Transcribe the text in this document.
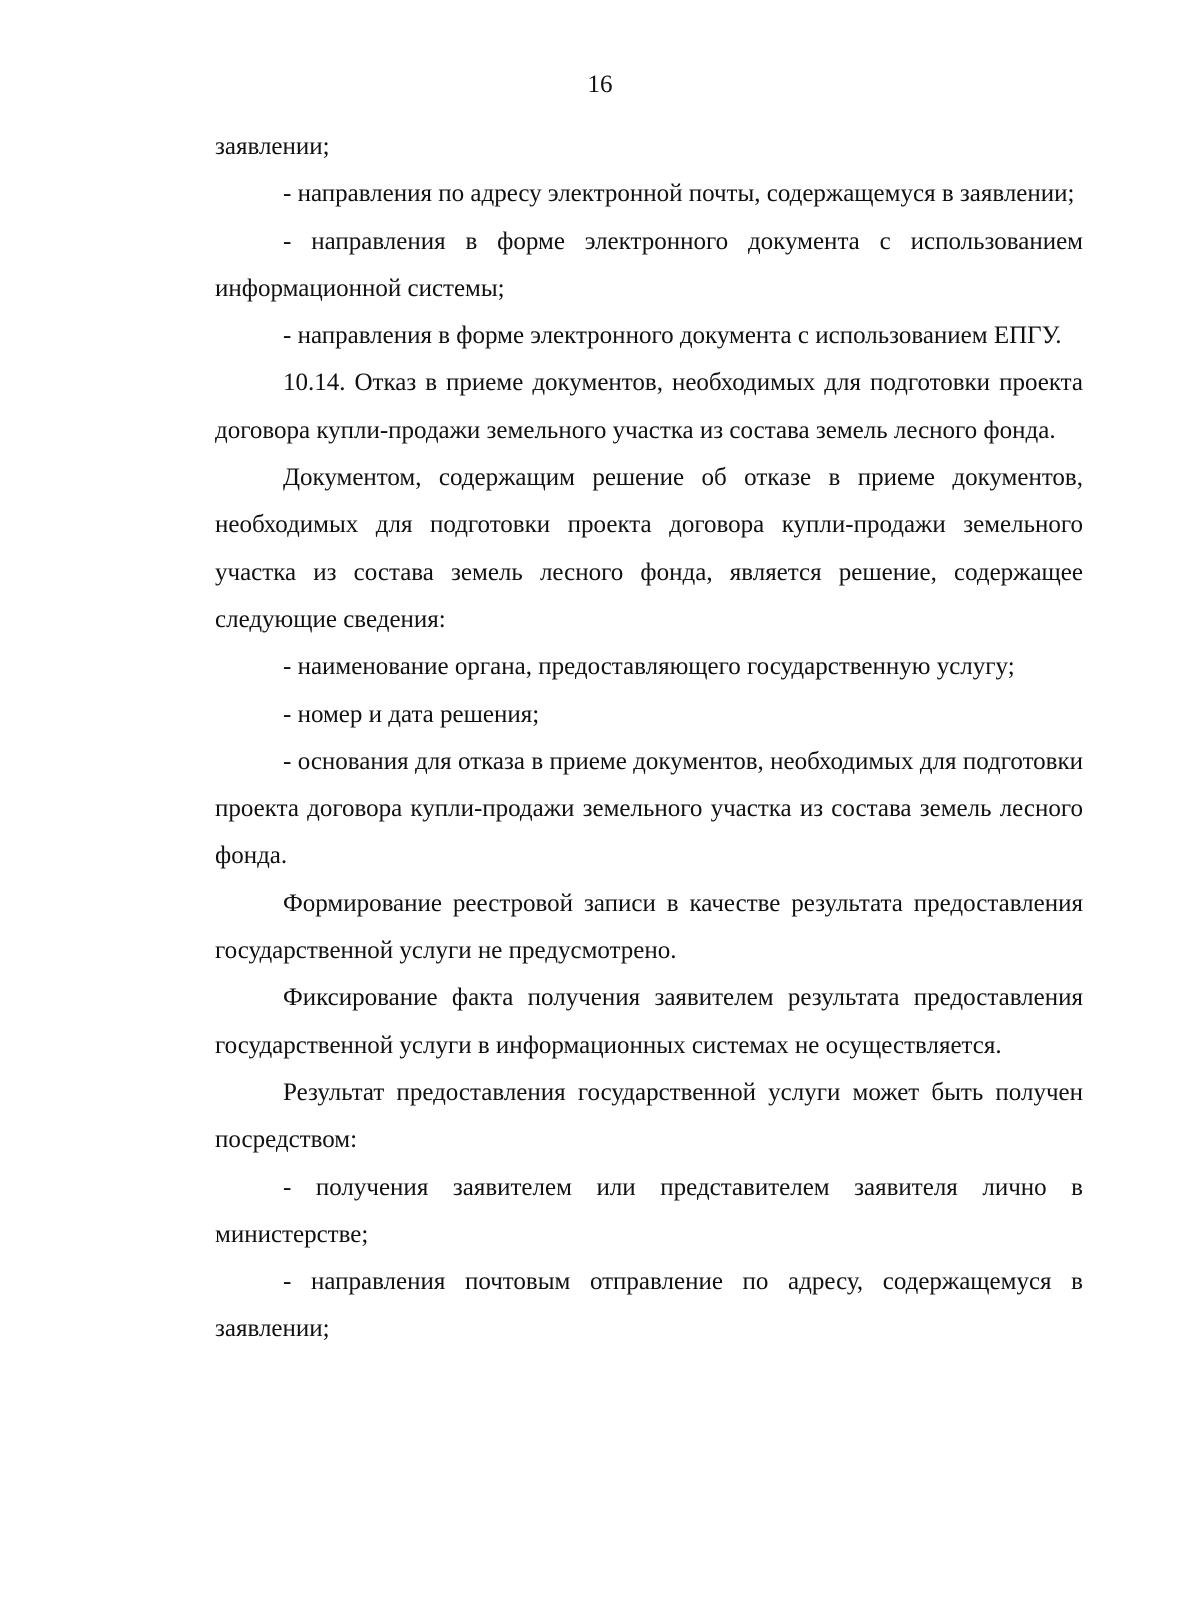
16

заявлении;

- направления по адресу электронной почты, содержащемуся в заявлении;

- направления в форме электронного документа с использованием информационной системы;

- направления в форме электронного документа с использованием ЕПГУ.

10.14. Отказ в приеме документов, необходимых для подготовки проекта договора купли-продажи земельного участка из состава земель лесного фонда.

Документом, содержащим решение об отказе в приеме документов, необходимых для подготовки проекта договора купли-продажи земельного участка из состава земель лесного фонда, является решение, содержащее следующие сведения:

- наименование органа, предоставляющего государственную услугу;

- номер и дата решения;

- основания для отказа в приеме документов, необходимых для подготовки проекта договора купли-продажи земельного участка из состава земель лесного фонда.

Формирование реестровой записи в качестве результата предоставления государственной услуги не предусмотрено.

Фиксирование факта получения заявителем результата предоставления государственной услуги в информационных системах не осуществляется.

Результат предоставления государственной услуги может быть получен посредством:

- получения заявителем или представителем заявителя лично в министерстве;

- направления почтовым отправление по адресу, содержащемуся в заявлении;
